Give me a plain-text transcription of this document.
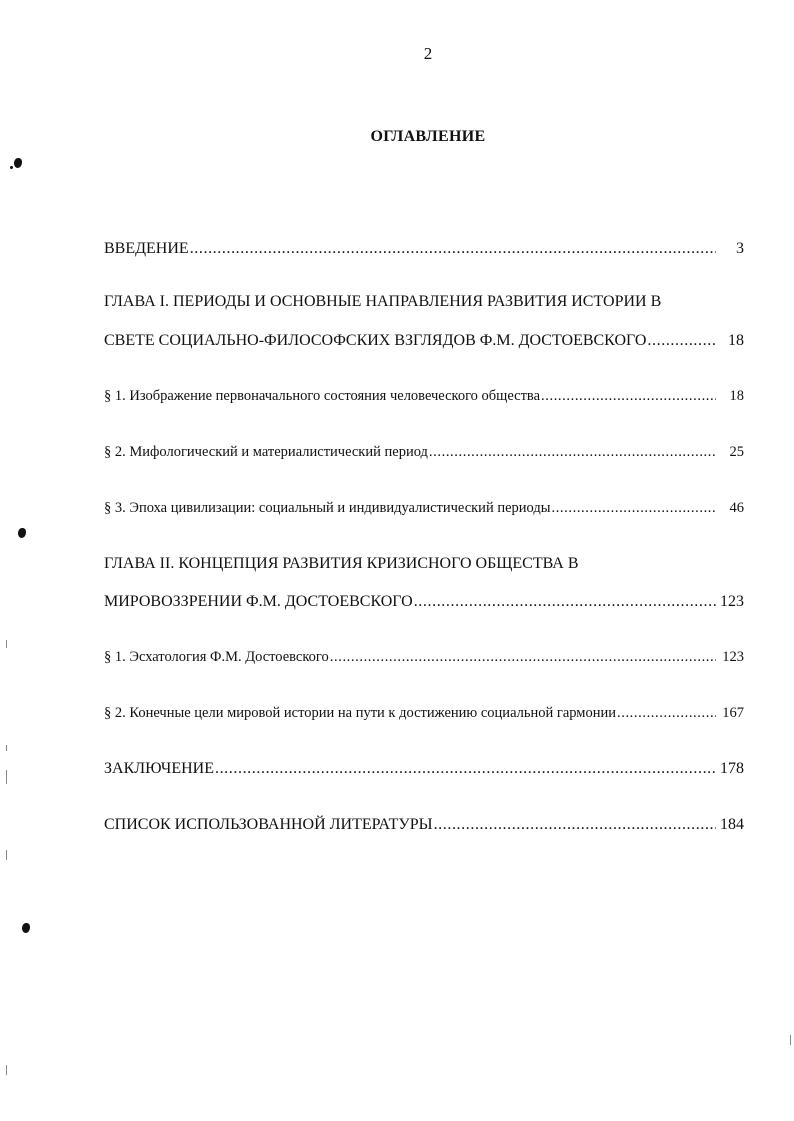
2
ОГЛАВЛЕНИЕ
ВВЕДЕНИЕ .....	3
ГЛАВА I. ПЕРИОДЫ И ОСНОВНЫЕ НАПРАВЛЕНИЯ РАЗВИТИЯ ИСТОРИИ В
СВЕТЕ СОЦИАЛЬНО-ФИЛОСОФСКИХ ВЗГЛЯДОВ Ф.М. ДОСТОЕВСКОГО .....	18
§ 1. Изображение первоначального состояния человеческого общества .....	18
§ 2. Мифологический и материалистический период .....	25
§ 3. Эпоха цивилизации: социальный и индивидуалистический периоды .....	46
ГЛАВА II. КОНЦЕПЦИЯ РАЗВИТИЯ КРИЗИСНОГО ОБЩЕСТВА В
МИРОВОЗЗРЕНИИ Ф.М. ДОСТОЕВСКОГО .....	123
§ 1. Эсхатология Ф.М. Достоевского .....	123
§ 2. Конечные цели мировой истории на пути к достижению социальной гармонии .....	167
ЗАКЛЮЧЕНИЕ .....	178
СПИСОК ИСПОЛЬЗОВАННОЙ ЛИТЕРАТУРЫ .....	184
